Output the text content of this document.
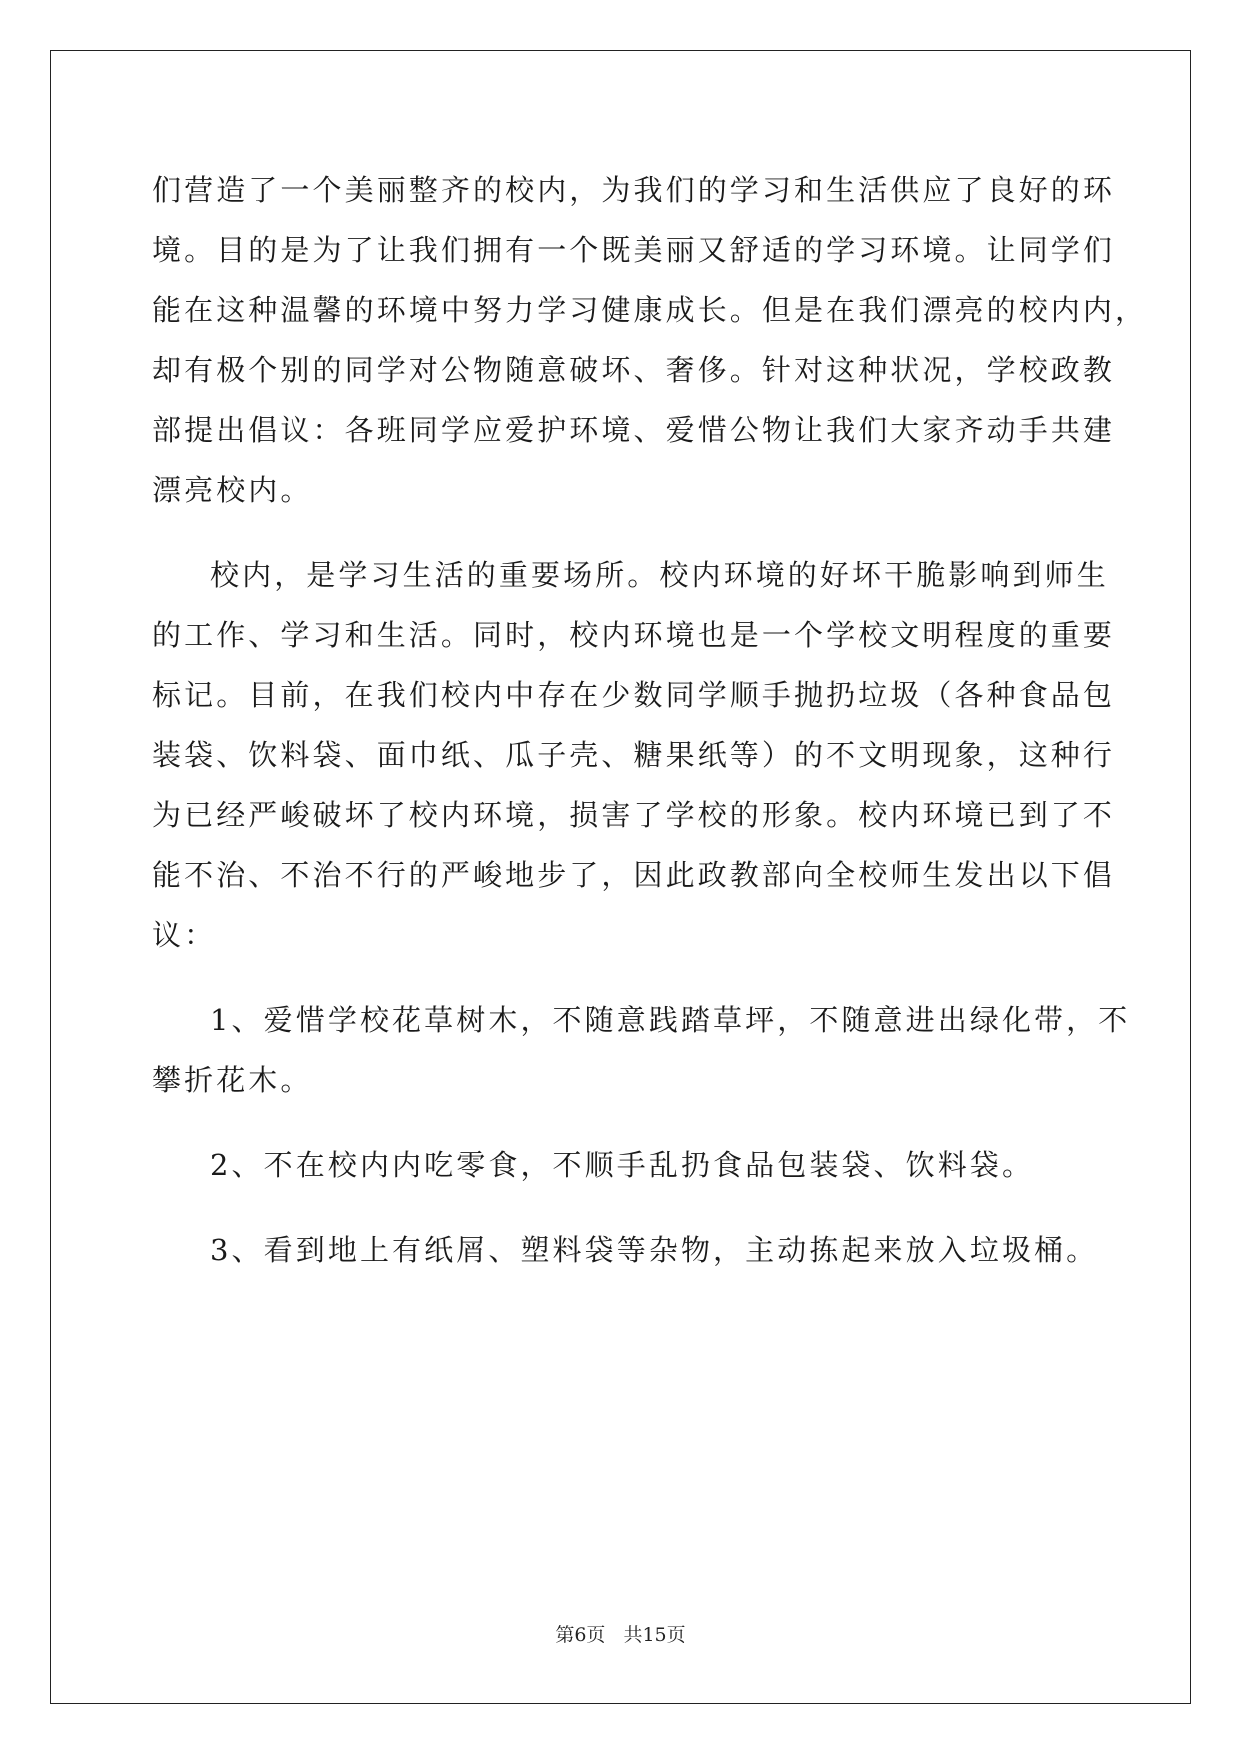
们营造了一个美丽整齐的校内，为我们的学习和生活供应了良好的环
境。目的是为了让我们拥有一个既美丽又舒适的学习环境。让同学们
能在这种温馨的环境中努力学习健康成长。但是在我们漂亮的校内内，
却有极个别的同学对公物随意破坏、奢侈。针对这种状况，学校政教
部提出倡议：各班同学应爱护环境、爱惜公物让我们大家齐动手共建
漂亮校内。
校内，是学习生活的重要场所。校内环境的好坏干脆影响到师生
的工作、学习和生活。同时，校内环境也是一个学校文明程度的重要
标记。目前，在我们校内中存在少数同学顺手抛扔垃圾（各种食品包
装袋、饮料袋、面巾纸、瓜子壳、糖果纸等）的不文明现象，这种行
为已经严峻破坏了校内环境，损害了学校的形象。校内环境已到了不
能不治、不治不行的严峻地步了，因此政教部向全校师生发出以下倡
议：
1、爱惜学校花草树木，不随意践踏草坪，不随意进出绿化带，不
攀折花木。
2、不在校内内吃零食，不顺手乱扔食品包装袋、饮料袋。
3、看到地上有纸屑、塑料袋等杂物，主动拣起来放入垃圾桶。
第6页 共15页
